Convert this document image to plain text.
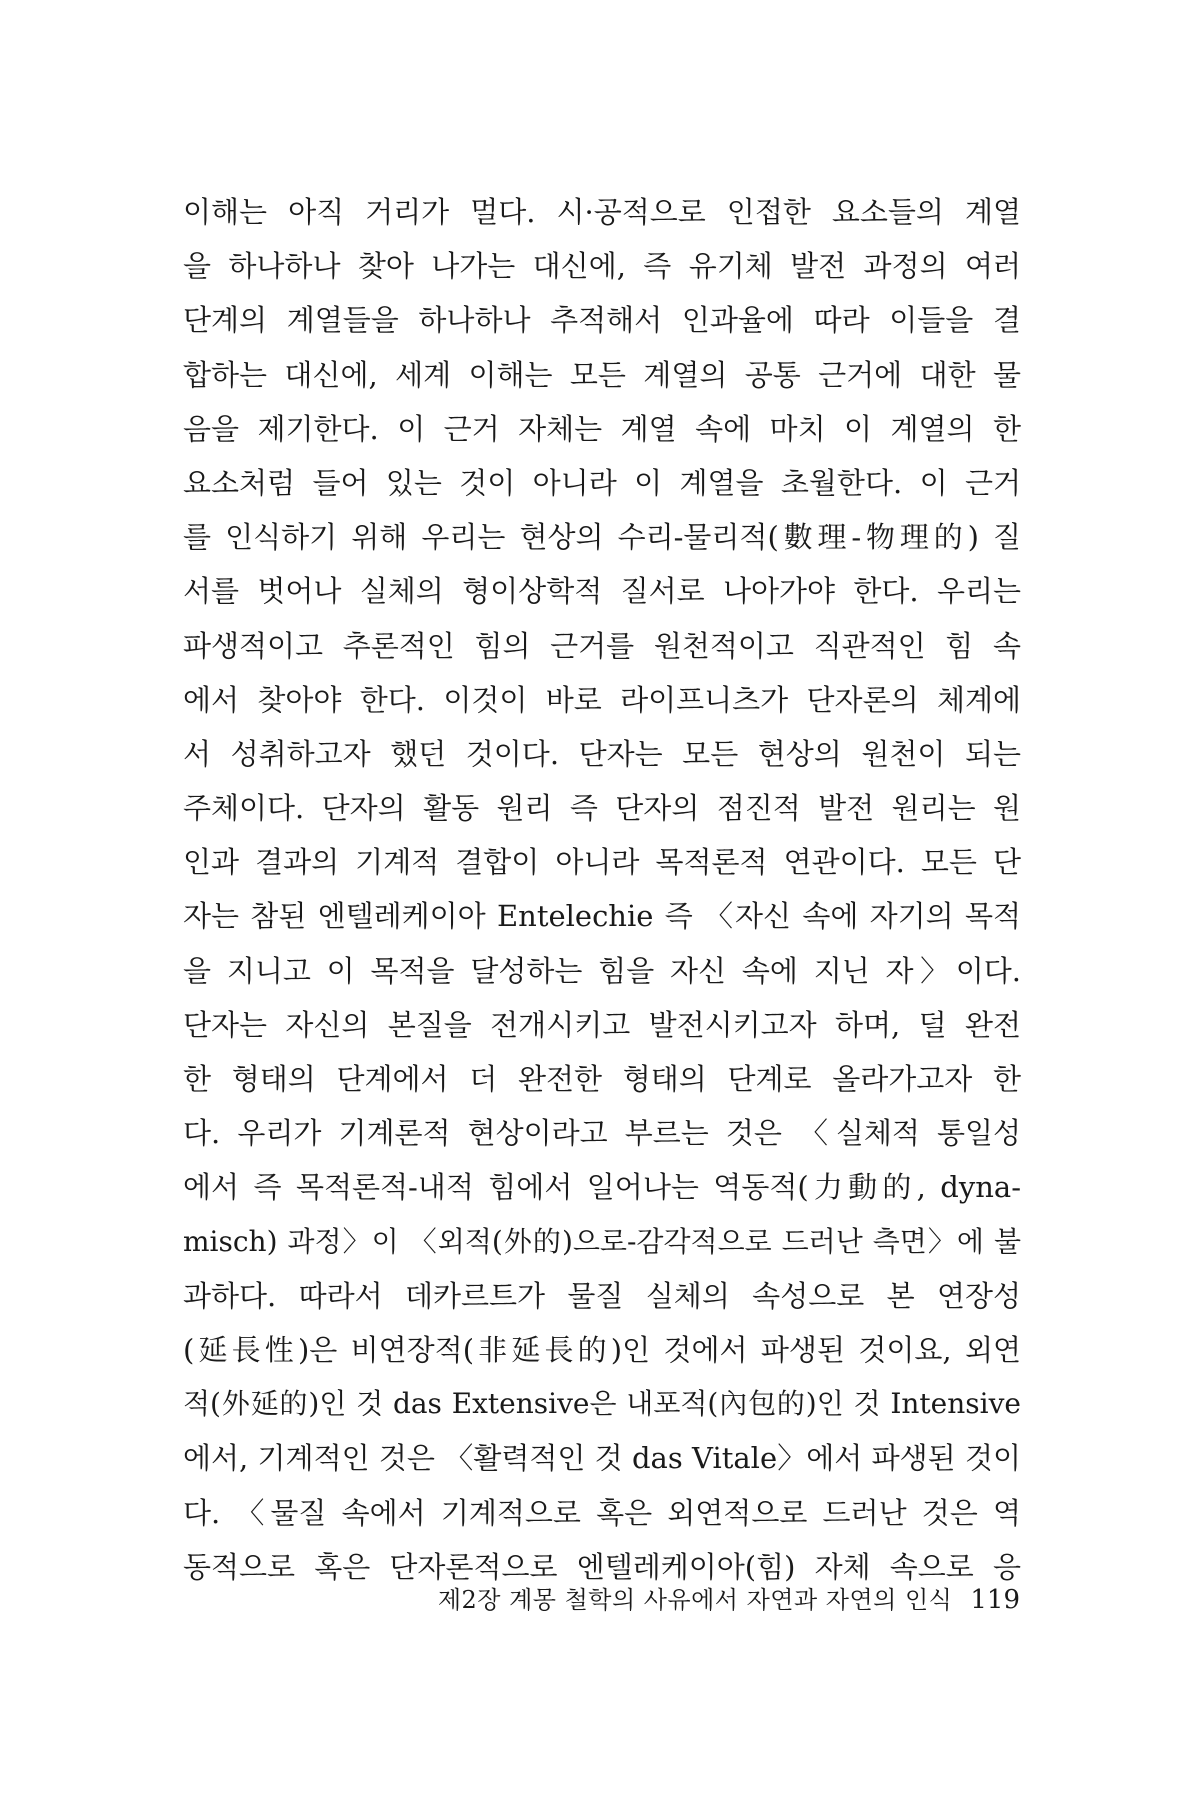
이해는 아직 거리가 멀다. 시·공적으로 인접한 요소들의 계열
을 하나하나 찾아 나가는 대신에, 즉 유기체 발전 과정의 여러
단계의 계열들을 하나하나 추적해서 인과율에 따라 이들을 결
합하는 대신에, 세계 이해는 모든 계열의 공통 근거에 대한 물
음을 제기한다. 이 근거 자체는 계열 속에 마치 이 계열의 한
요소처럼 들어 있는 것이 아니라 이 계열을 초월한다. 이 근거
를 인식하기 위해 우리는 현상의 수리-물리적(數理-物理的) 질
서를 벗어나 실체의 형이상학적 질서로 나아가야 한다. 우리는
파생적이고 추론적인 힘의 근거를 원천적이고 직관적인 힘 속
에서 찾아야 한다. 이것이 바로 라이프니츠가 단자론의 체계에
서 성취하고자 했던 것이다. 단자는 모든 현상의 원천이 되는
주체이다. 단자의 활동 원리 즉 단자의 점진적 발전 원리는 원
인과 결과의 기계적 결합이 아니라 목적론적 연관이다. 모든 단
자는 참된 엔텔레케이아 Entelechie 즉 〈자신 속에 자기의 목적
을 지니고 이 목적을 달성하는 힘을 자신 속에 지닌 자〉이다.
단자는 자신의 본질을 전개시키고 발전시키고자 하며, 덜 완전
한 형태의 단계에서 더 완전한 형태의 단계로 올라가고자 한
다. 우리가 기계론적 현상이라고 부르는 것은 〈실체적 통일성
에서 즉 목적론적-내적 힘에서 일어나는 역동적(力動的, dyna-
misch) 과정〉이 〈외적(外的)으로-감각적으로 드러난 측면〉에 불
과하다. 따라서 데카르트가 물질 실체의 속성으로 본 연장성
(延長性)은 비연장적(非延長的)인 것에서 파생된 것이요, 외연
적(外延的)인 것 das Extensive은 내포적(內包的)인 것 Intensive
에서, 기계적인 것은 〈활력적인 것 das Vitale〉에서 파생된 것이
다. 〈물질 속에서 기계적으로 혹은 외연적으로 드러난 것은 역
동적으로 혹은 단자론적으로 엔텔레케이아(힘) 자체 속으로 응
제2장 계몽 철학의 사유에서 자연과 자연의 인식 119
